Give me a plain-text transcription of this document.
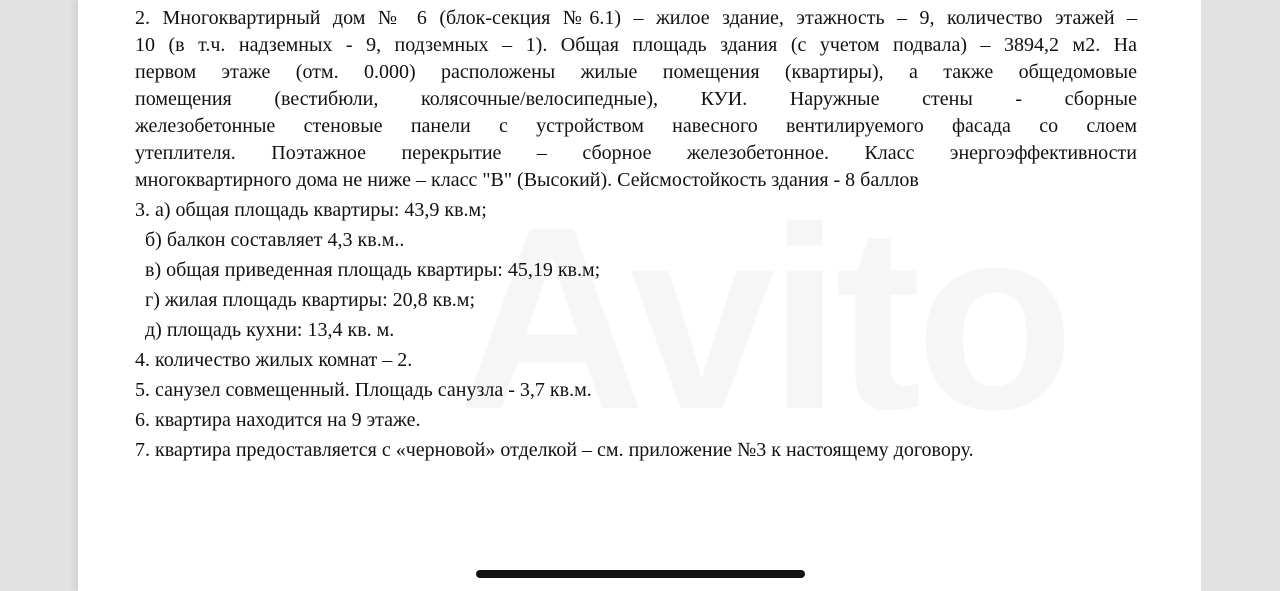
2. Многоквартирный дом № 6 (блок-секция №6.1) – жилое здание, этажность – 9, количество этажей –
10 (в т.ч. надземных - 9, подземных – 1). Общая площадь здания (с учетом подвала) – 3894,2 м2. На
первом этаже (отм. 0.000) расположены жилые помещения (квартиры), а также общедомовые
помещения (вестибюли, колясочные/велосипедные), КУИ. Наружные стены - сборные
железобетонные стеновые панели с устройством навесного вентилируемого фасада со слоем
утеплителя. Поэтажное перекрытие – сборное железобетонное. Класс энергоэффективности
многоквартирного дома не ниже – класс "В" (Высокий). Сейсмостойкость здания - 8 баллов
3. а) общая площадь квартиры: 43,9 кв.м;
б) балкон составляет 4,3 кв.м..
в) общая приведенная площадь квартиры: 45,19 кв.м;
г) жилая площадь квартиры: 20,8 кв.м;
д) площадь кухни: 13,4 кв. м.
4. количество жилых комнат – 2.
5. санузел совмещенный. Площадь санузла - 3,7 кв.м.
6. квартира находится на 9 этаже.
7. квартира предоставляется с «черновой» отделкой – см. приложение №3 к настоящему договору.
